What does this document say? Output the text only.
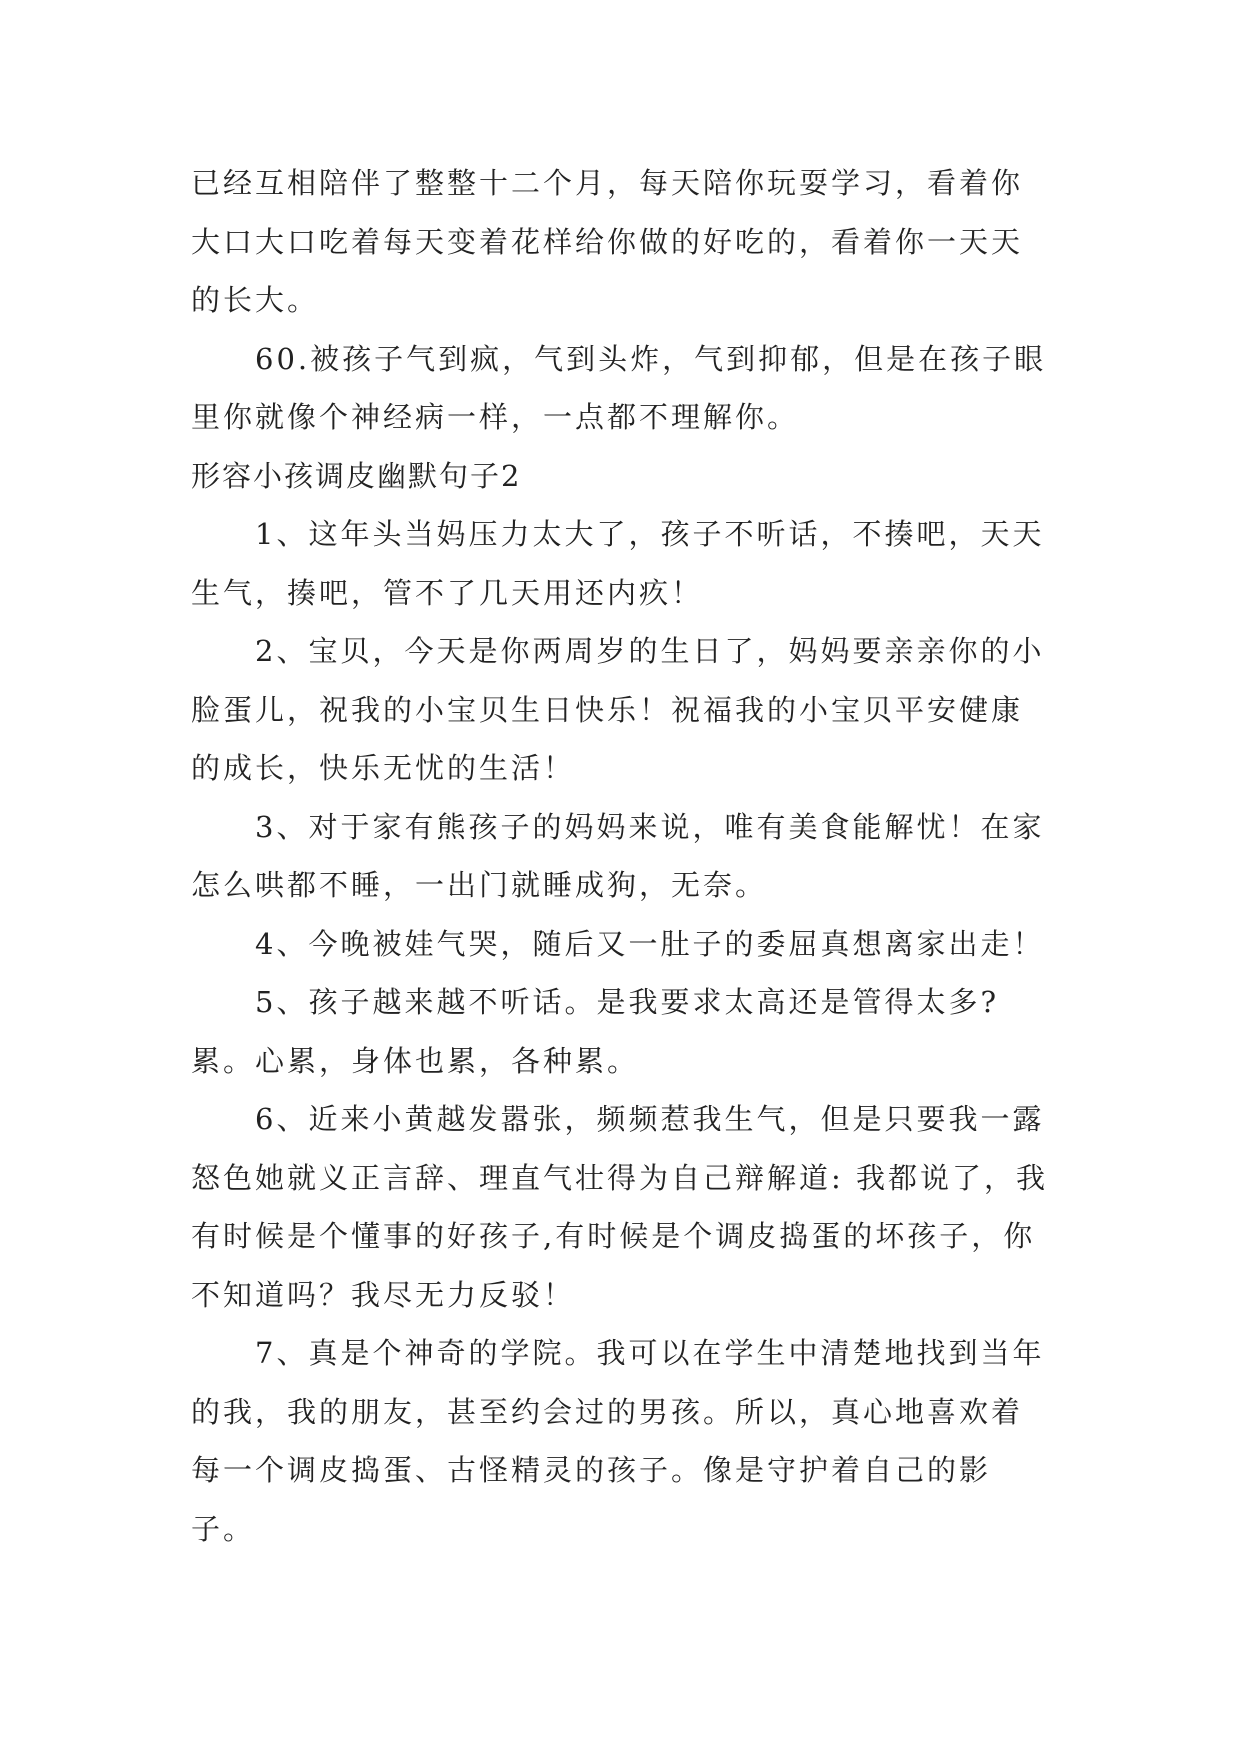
已经互相陪伴了整整十二个月，每天陪你玩耍学习，看着你大口大口吃着每天变着花样给你做的好吃的，看着你一天天的长大。

60.被孩子气到疯，气到头炸，气到抑郁，但是在孩子眼里你就像个神经病一样，一点都不理解你。

形容小孩调皮幽默句子2

1、这年头当妈压力太大了，孩子不听话，不揍吧，天天生气，揍吧，管不了几天用还内疚！

2、宝贝，今天是你两周岁的生日了，妈妈要亲亲你的小脸蛋儿，祝我的小宝贝生日快乐！祝福我的小宝贝平安健康的成长，快乐无忧的生活！

3、对于家有熊孩子的妈妈来说，唯有美食能解忧！在家怎么哄都不睡，一出门就睡成狗，无奈。

4、今晚被娃气哭，随后又一肚子的委屈真想离家出走！

5、孩子越来越不听话。是我要求太高还是管得太多?累。心累，身体也累，各种累。

6、近来小黄越发嚣张，频频惹我生气，但是只要我一露怒色她就义正言辞、理直气壮得为自己辩解道: 我都说了，我有时候是个懂事的好孩子,有时候是个调皮捣蛋的坏孩子，你不知道吗？我尽无力反驳！

7、真是个神奇的学院。我可以在学生中清楚地找到当年的我，我的朋友，甚至约会过的男孩。所以，真心地喜欢着每一个调皮捣蛋、古怪精灵的孩子。像是守护着自己的影子。
